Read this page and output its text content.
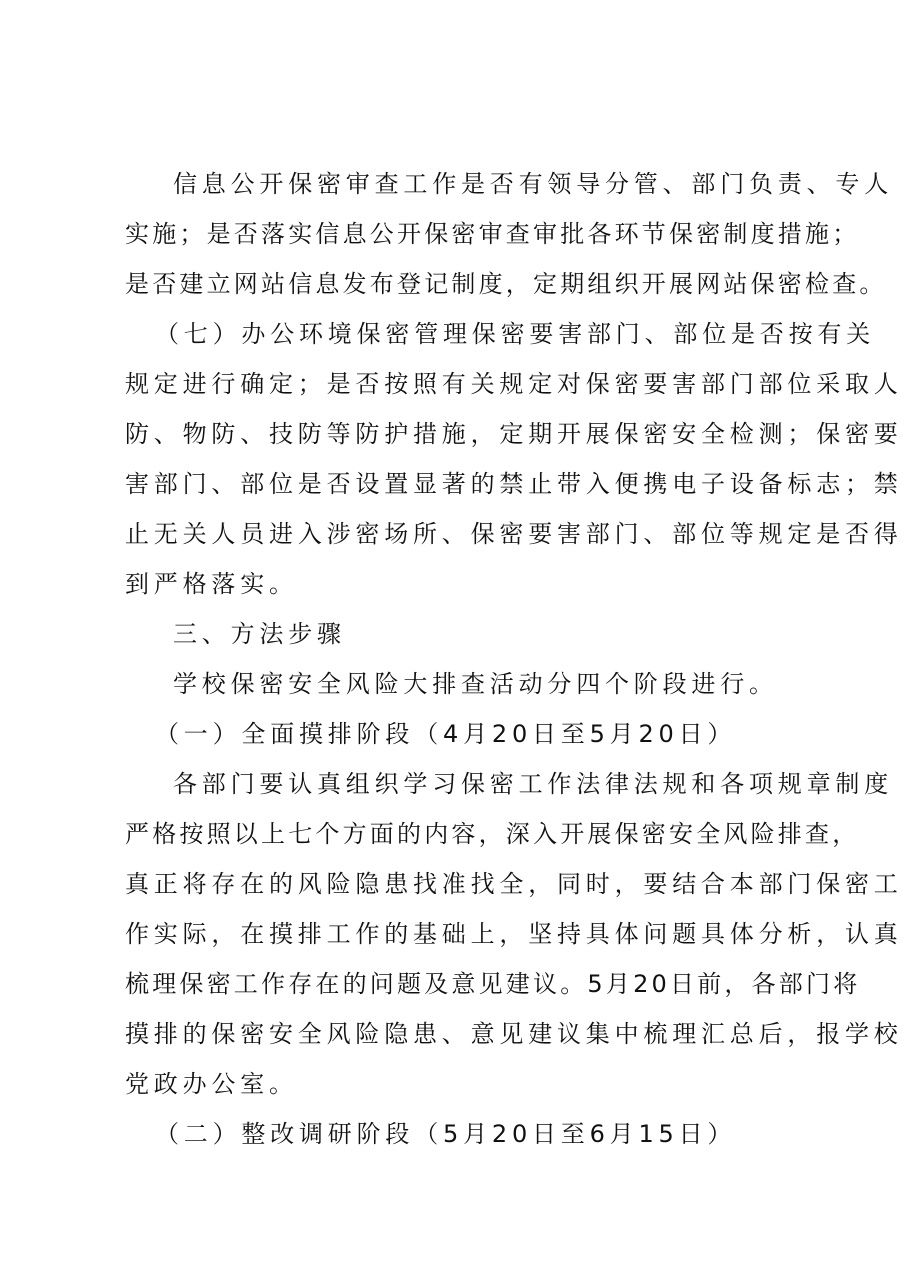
信息公开保密审查工作是否有领导分管、部门负责、专人
实施；是否落实信息公开保密审查审批各环节保密制度措施；
是否建立网站信息发布登记制度，定期组织开展网站保密检查。
（七）办公环境保密管理保密要害部门、部位是否按有关
规定进行确定；是否按照有关规定对保密要害部门部位采取人
防、物防、技防等防护措施，定期开展保密安全检测；保密要
害部门、部位是否设置显著的禁止带入便携电子设备标志；禁
止无关人员进入涉密场所、保密要害部门、部位等规定是否得
到严格落实。
三、方法步骤
学校保密安全风险大排查活动分四个阶段进行。
（一）全面摸排阶段（4月20日至5月20日）
各部门要认真组织学习保密工作法律法规和各项规章制度
严格按照以上七个方面的内容，深入开展保密安全风险排查，
真正将存在的风险隐患找准找全，同时，要结合本部门保密工
作实际，在摸排工作的基础上，坚持具体问题具体分析，认真
梳理保密工作存在的问题及意见建议。5月20日前，各部门将
摸排的保密安全风险隐患、意见建议集中梳理汇总后，报学校
党政办公室。
（二）整改调研阶段（5月20日至6月15日）
